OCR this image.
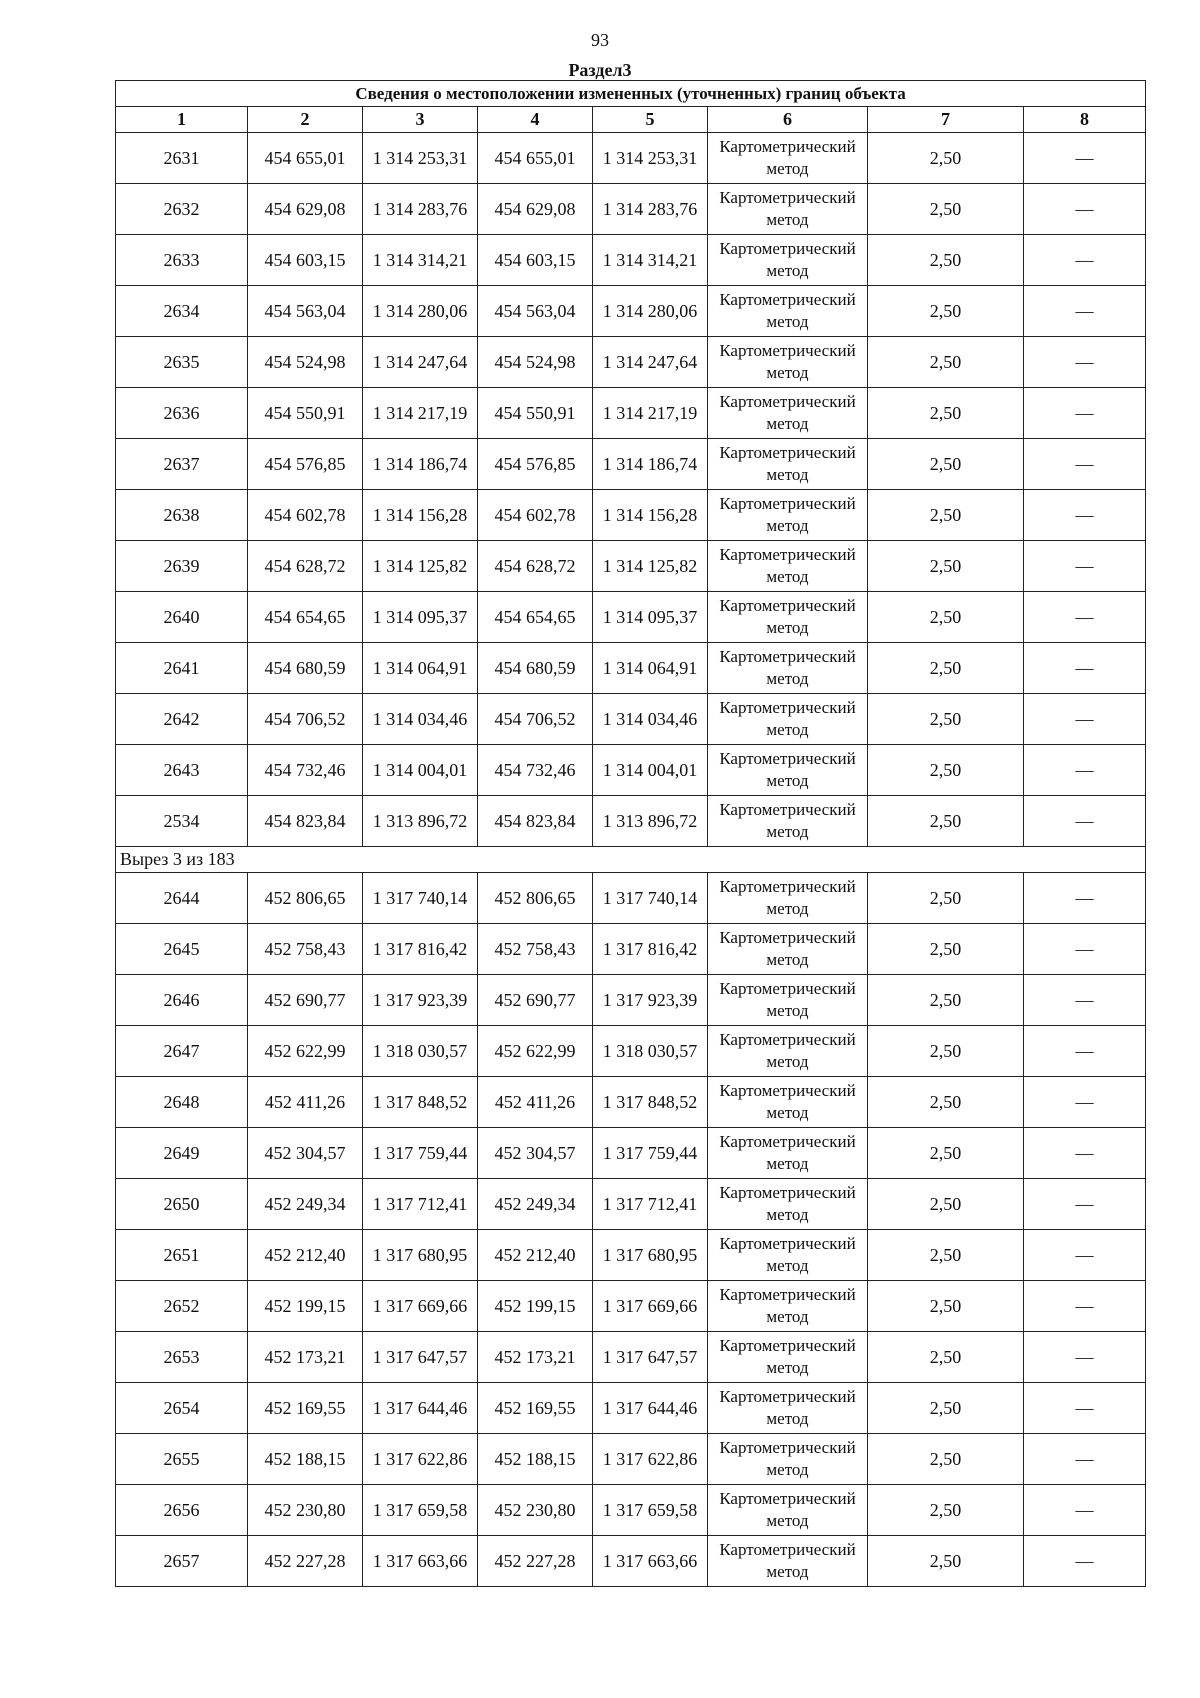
93
Раздел3
Сведения о местоположении измененных (уточненных) границ объекта							
1	2	3	4	5	6	7	8
2631	454 655,01	1 314 253,31	454 655,01	1 314 253,31	Картометрический метод	2,50	—
2632	454 629,08	1 314 283,76	454 629,08	1 314 283,76	Картометрический метод	2,50	—
2633	454 603,15	1 314 314,21	454 603,15	1 314 314,21	Картометрический метод	2,50	—
2634	454 563,04	1 314 280,06	454 563,04	1 314 280,06	Картометрический метод	2,50	—
2635	454 524,98	1 314 247,64	454 524,98	1 314 247,64	Картометрический метод	2,50	—
2636	454 550,91	1 314 217,19	454 550,91	1 314 217,19	Картометрический метод	2,50	—
2637	454 576,85	1 314 186,74	454 576,85	1 314 186,74	Картометрический метод	2,50	—
2638	454 602,78	1 314 156,28	454 602,78	1 314 156,28	Картометрический метод	2,50	—
2639	454 628,72	1 314 125,82	454 628,72	1 314 125,82	Картометрический метод	2,50	—
2640	454 654,65	1 314 095,37	454 654,65	1 314 095,37	Картометрический метод	2,50	—
2641	454 680,59	1 314 064,91	454 680,59	1 314 064,91	Картометрический метод	2,50	—
2642	454 706,52	1 314 034,46	454 706,52	1 314 034,46	Картометрический метод	2,50	—
2643	454 732,46	1 314 004,01	454 732,46	1 314 004,01	Картометрический метод	2,50	—
2534	454 823,84	1 313 896,72	454 823,84	1 313 896,72	Картометрический метод	2,50	—
Вырез 3 из 183							
2644	452 806,65	1 317 740,14	452 806,65	1 317 740,14	Картометрический метод	2,50	—
2645	452 758,43	1 317 816,42	452 758,43	1 317 816,42	Картометрический метод	2,50	—
2646	452 690,77	1 317 923,39	452 690,77	1 317 923,39	Картометрический метод	2,50	—
2647	452 622,99	1 318 030,57	452 622,99	1 318 030,57	Картометрический метод	2,50	—
2648	452 411,26	1 317 848,52	452 411,26	1 317 848,52	Картометрический метод	2,50	—
2649	452 304,57	1 317 759,44	452 304,57	1 317 759,44	Картометрический метод	2,50	—
2650	452 249,34	1 317 712,41	452 249,34	1 317 712,41	Картометрический метод	2,50	—
2651	452 212,40	1 317 680,95	452 212,40	1 317 680,95	Картометрический метод	2,50	—
2652	452 199,15	1 317 669,66	452 199,15	1 317 669,66	Картометрический метод	2,50	—
2653	452 173,21	1 317 647,57	452 173,21	1 317 647,57	Картометрический метод	2,50	—
2654	452 169,55	1 317 644,46	452 169,55	1 317 644,46	Картометрический метод	2,50	—
2655	452 188,15	1 317 622,86	452 188,15	1 317 622,86	Картометрический метод	2,50	—
2656	452 230,80	1 317 659,58	452 230,80	1 317 659,58	Картометрический метод	2,50	—
2657	452 227,28	1 317 663,66	452 227,28	1 317 663,66	Картометрический метод	2,50	—
